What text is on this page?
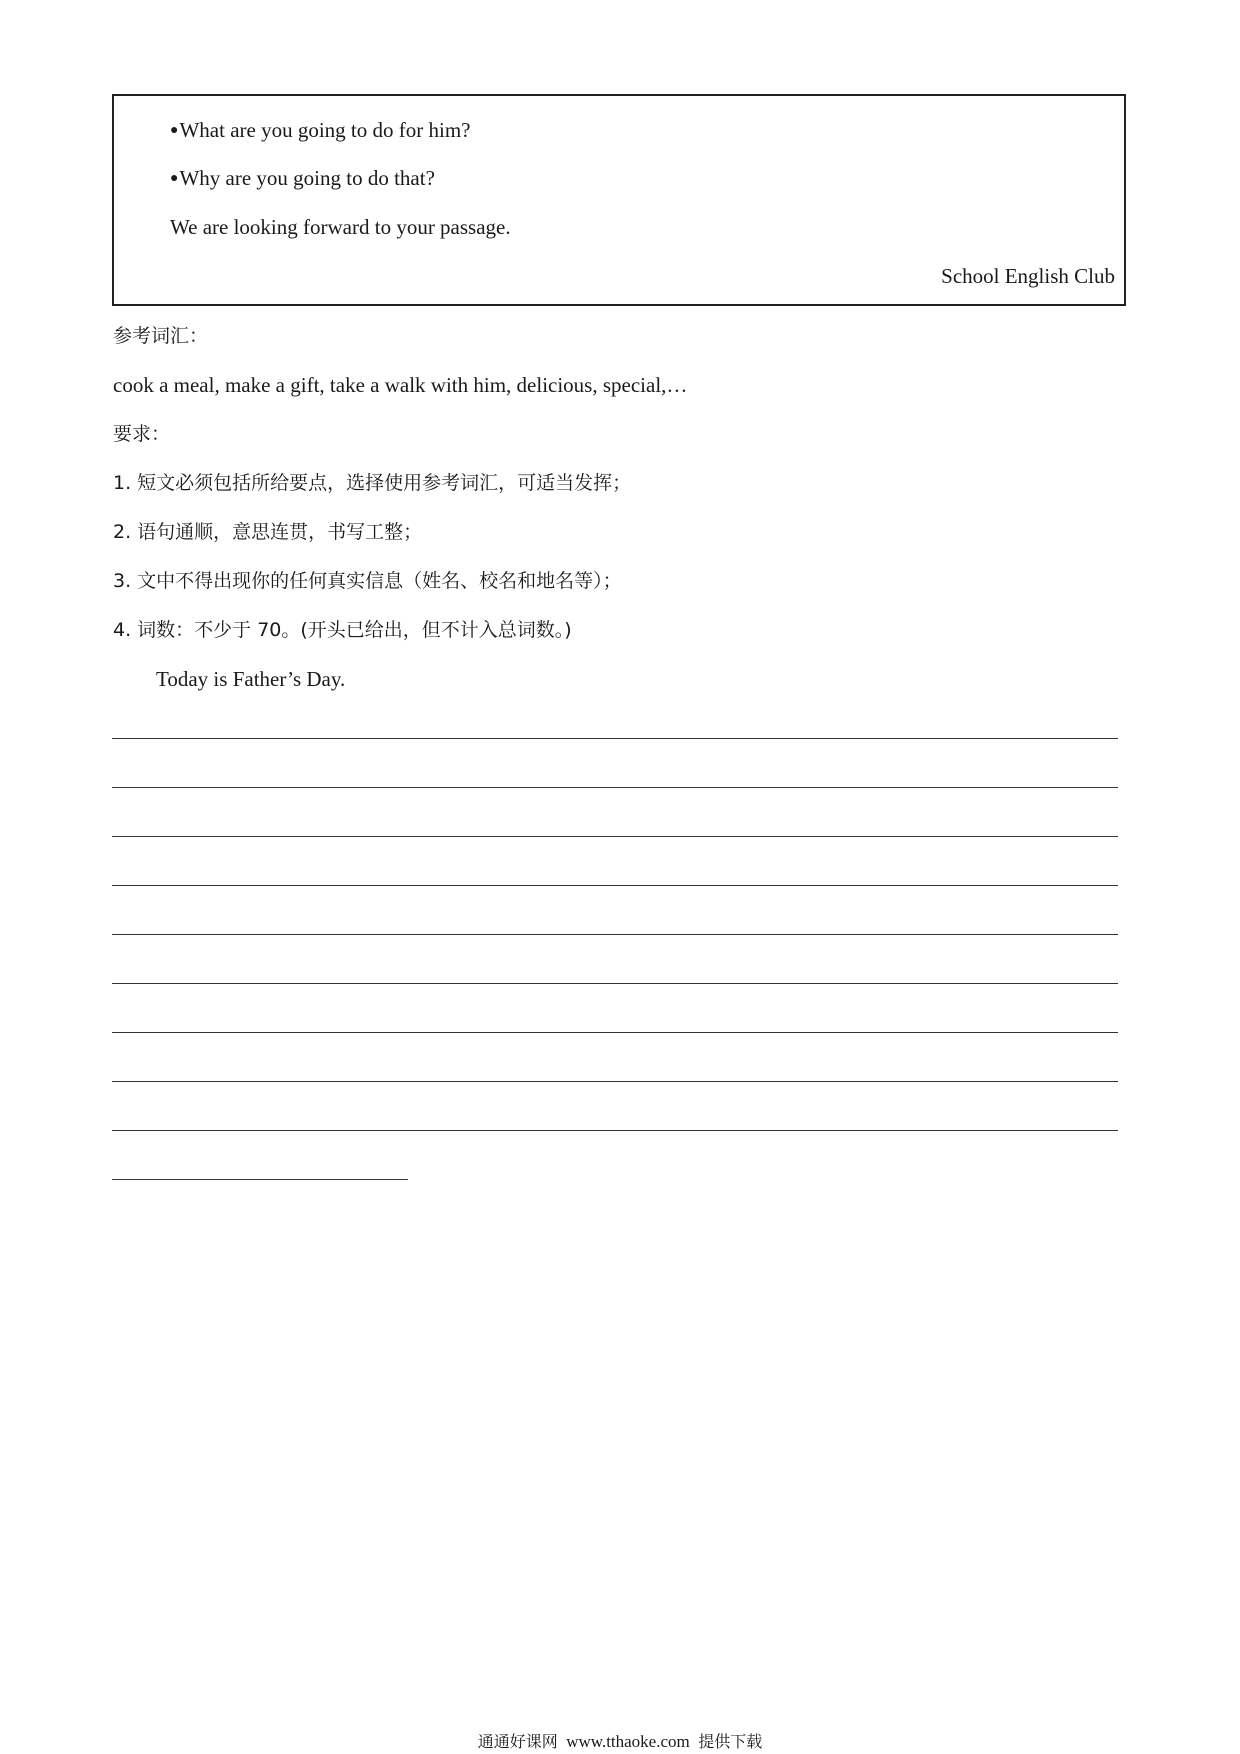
●What are you going to do for him?
●Why are you going to do that?
We are looking forward to your passage.
School English Club
参考词汇：
cook a meal, make a gift, take a walk with him, delicious, special,…
要求：
1. 短文必须包括所给要点，选择使用参考词汇，可适当发挥；
2. 语句通顺，意思连贯，书写工整；
3. 文中不得出现你的任何真实信息（姓名、校名和地名等）；
4. 词数：不少于 70。(开头已给出，但不计入总词数。)
Today is Father’s Day.
通通好课网 www.tthaoke.com 提供下载
